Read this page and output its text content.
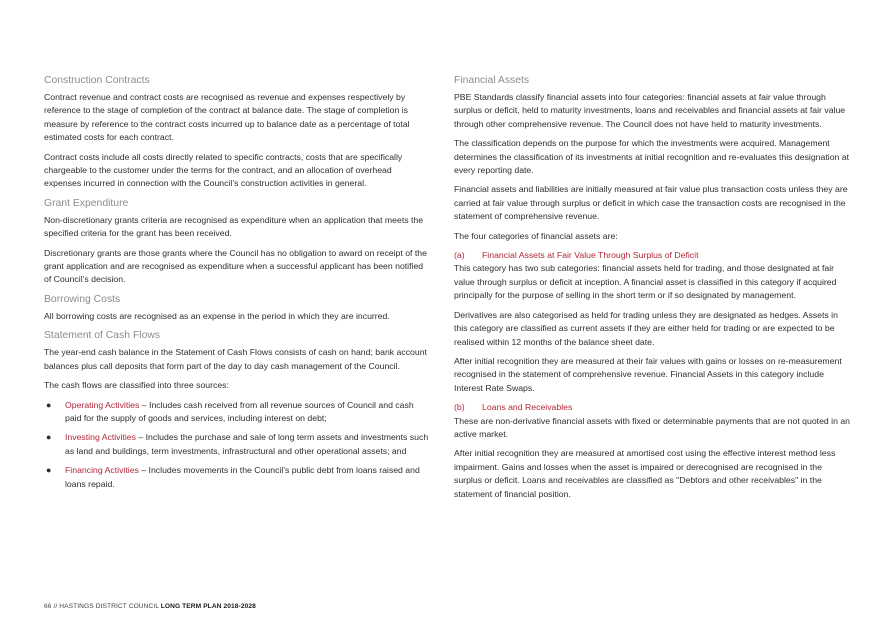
Construction Contracts

Contract revenue and contract costs are recognised as revenue and expenses respectively by reference to the stage of completion of the contract at balance date. The stage of completion is measure by reference to the contract costs incurred up to balance date as a percentage of total estimated costs for each contract.

Contract costs include all costs directly related to specific contracts, costs that are specifically chargeable to the customer under the terms for the contract, and an allocation of overhead expenses incurred in connection with the Council’s construction activities in general.

Grant Expenditure

Non-discretionary grants criteria are recognised as expenditure when an application that meets the specified criteria for the grant has been received.

Discretionary grants are those grants where the Council has no obligation to award on receipt of the grant application and are recognised as expenditure when a successful applicant has been notified of Council’s decision.

Borrowing Costs

All borrowing costs are recognised as an expense in the period in which they are incurred.

Statement of Cash Flows

The year-end cash balance in the Statement of Cash Flows consists of cash on hand; bank account balances plus call deposits that form part of the day to day cash management of the Council.

The cash flows are classified into three sources:

● Operating Activities – Includes cash received from all revenue sources of Council and cash paid for the supply of goods and services, including interest on debt;
● Investing Activities – Includes the purchase and sale of long term assets and investments such as land and buildings, term investments, infrastructural and other operational assets; and
● Financing Activities – Includes movements in the Council’s public debt from loans raised and loans repaid.
Financial Assets

PBE Standards classify financial assets into four categories: financial assets at fair value through surplus or deficit, held to maturity investments, loans and receivables and financial assets at fair value through other comprehensive revenue. The Council does not have held to maturity investments.

The classification depends on the purpose for which the investments were acquired. Management determines the classification of its investments at initial recognition and re-evaluates this designation at every reporting date.

Financial assets and liabilities are initially measured at fair value plus transaction costs unless they are carried at fair value through surplus or deficit in which case the transaction costs are recognised in the statement of comprehensive revenue.

The four categories of financial assets are:

(a)	Financial Assets at Fair Value Through Surplus of Deficit

This category has two sub categories: financial assets held for trading, and those designated at fair value through surplus or deficit at inception. A financial asset is classified in this category if acquired principally for the purpose of selling in the short term or if so designated by management.

Derivatives are also categorised as held for trading unless they are designated as hedges. Assets in this category are classified as current assets if they are either held for trading or are expected to be realised within 12 months of the balance sheet date.

After initial recognition they are measured at their fair values with gains or losses on re-measurement recognised in the statement of comprehensive revenue. Financial Assets in this category include Interest Rate Swaps.

(b)	Loans and Receivables

These are non-derivative financial assets with fixed or determinable payments that are not quoted in an active market.

After initial recognition they are measured at amortised cost using the effective interest method less impairment. Gains and losses when the asset is impaired or derecognised are recognised in the surplus or deficit. Loans and receivables are classified as "Debtors and other receivables" in the statement of financial position.

66 // HASTINGS DISTRICT COUNCIL LONG TERM PLAN 2018-2028
